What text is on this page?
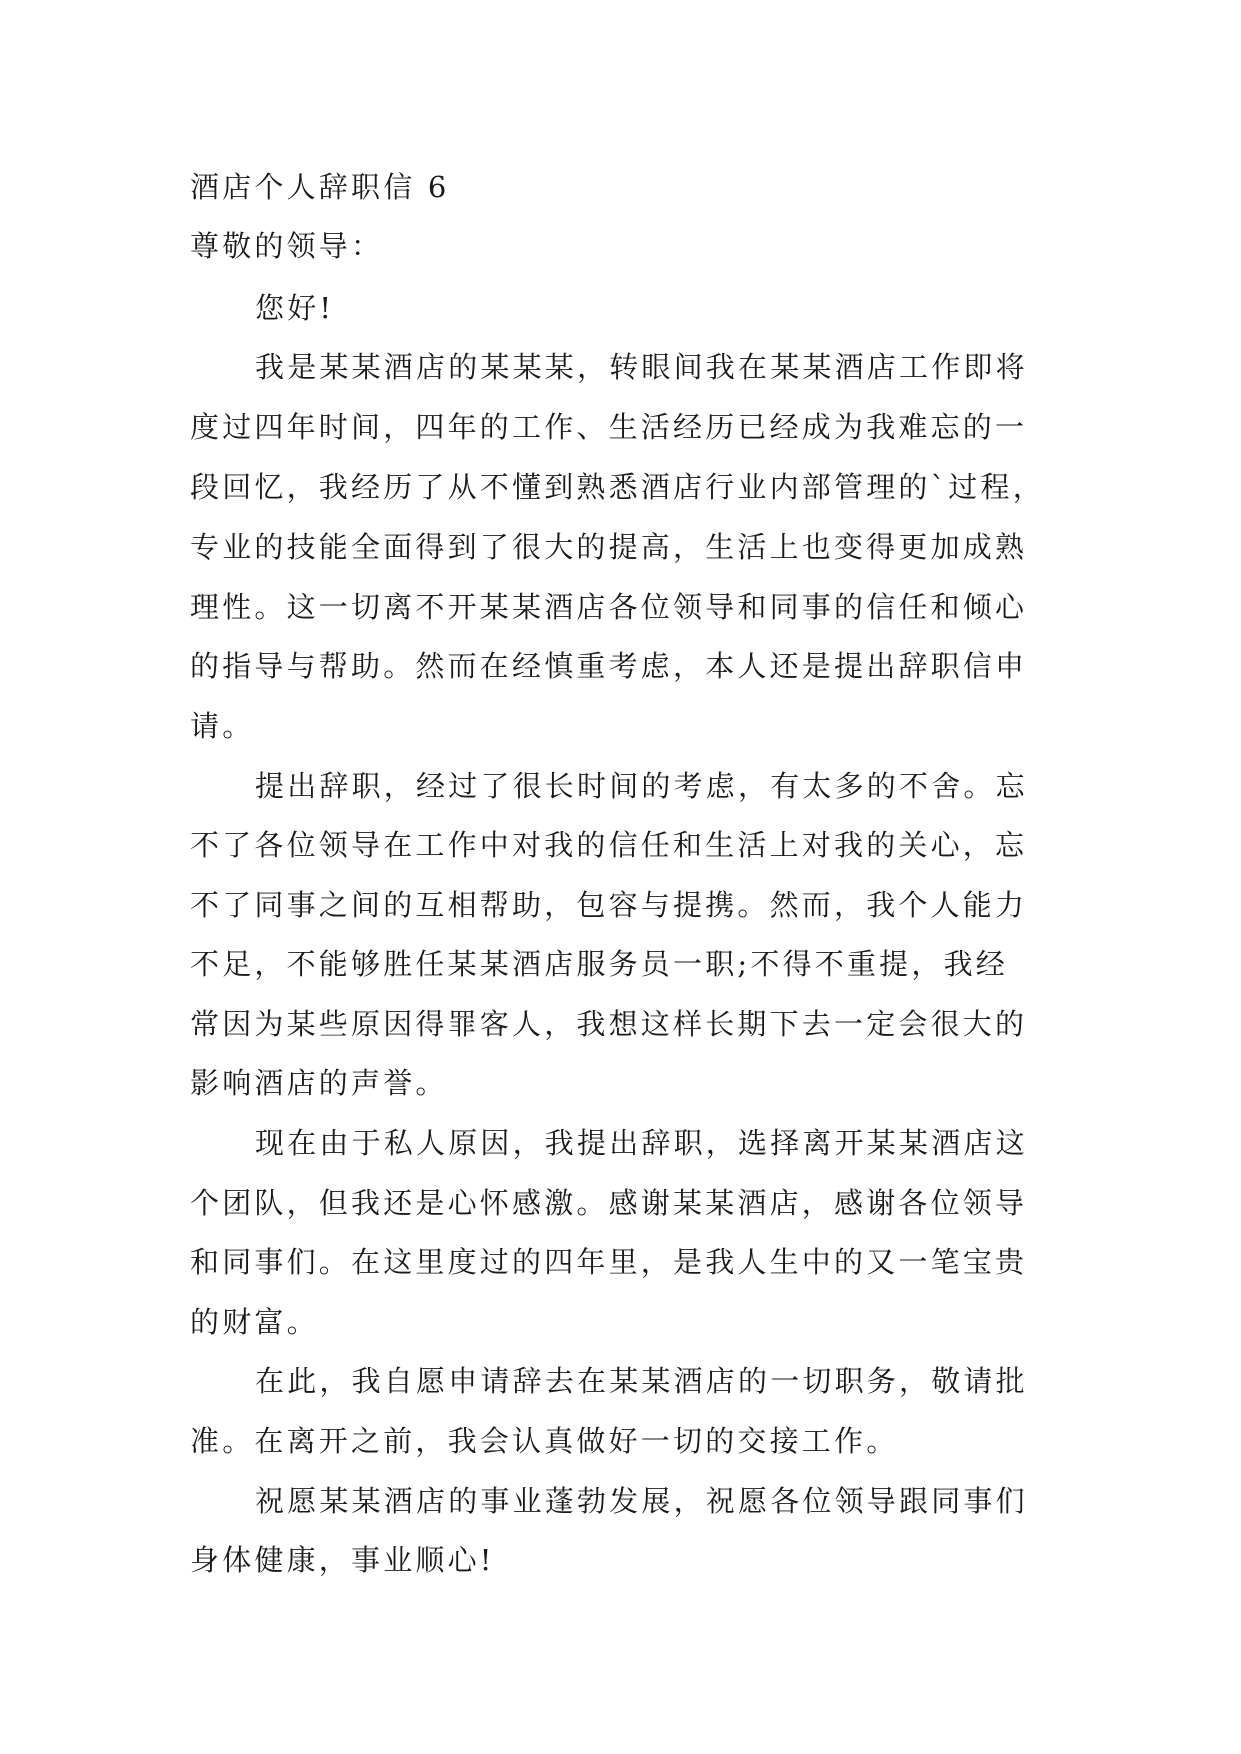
酒店个人辞职信 6

尊敬的领导：

您好!

我是某某酒店的某某某，转眼间我在某某酒店工作即将

度过四年时间，四年的工作、生活经历已经成为我难忘的一

段回忆，我经历了从不懂到熟悉酒店行业内部管理的`过程，

专业的技能全面得到了很大的提高，生活上也变得更加成熟

理性。这一切离不开某某酒店各位领导和同事的信任和倾心

的指导与帮助。然而在经慎重考虑，本人还是提出辞职信申

请。

提出辞职，经过了很长时间的考虑，有太多的不舍。忘

不了各位领导在工作中对我的信任和生活上对我的关心，忘

不了同事之间的互相帮助，包容与提携。然而，我个人能力

不足，不能够胜任某某酒店服务员一职;不得不重提，我经

常因为某些原因得罪客人，我想这样长期下去一定会很大的

影响酒店的声誉。

现在由于私人原因，我提出辞职，选择离开某某酒店这

个团队，但我还是心怀感激。感谢某某酒店，感谢各位领导

和同事们。在这里度过的四年里，是我人生中的又一笔宝贵

的财富。

在此，我自愿申请辞去在某某酒店的一切职务，敬请批

准。在离开之前，我会认真做好一切的交接工作。

祝愿某某酒店的事业蓬勃发展，祝愿各位领导跟同事们

身体健康，事业顺心!
